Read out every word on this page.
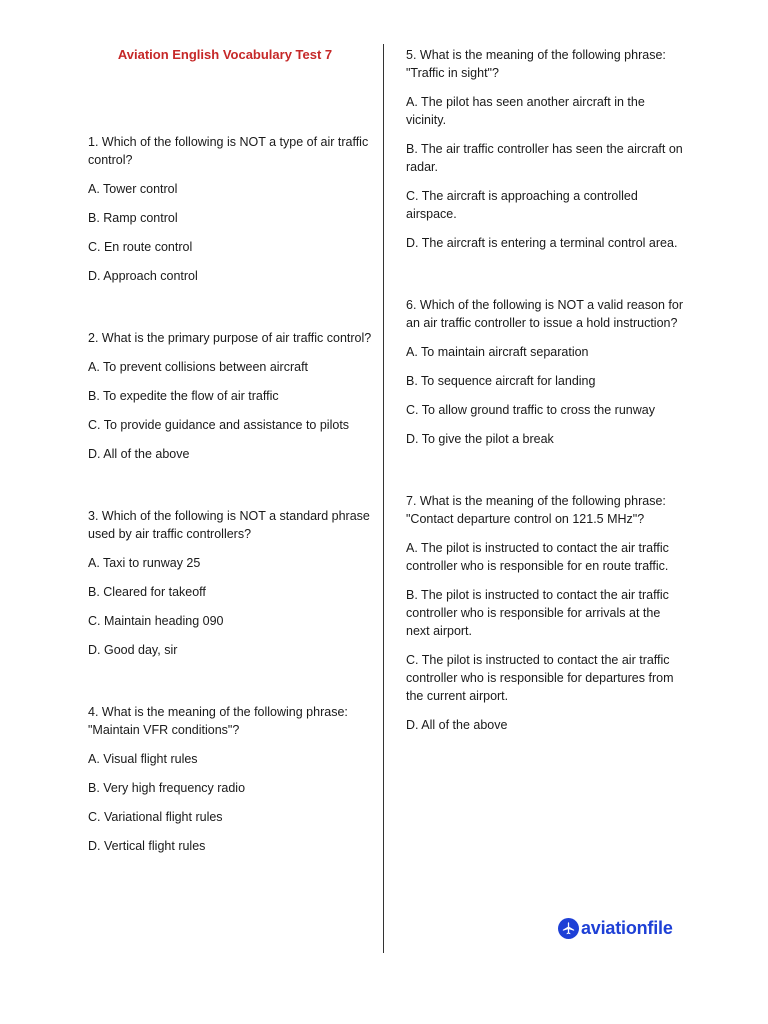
Aviation English Vocabulary Test 7

1. Which of the following is NOT a type of air traffic control?

A. Tower control

B. Ramp control

C. En route control

D. Approach control

2. What is the primary purpose of air traffic control?

A. To prevent collisions between aircraft

B. To expedite the flow of air traffic

C. To provide guidance and assistance to pilots

D. All of the above

3. Which of the following is NOT a standard phrase used by air traffic controllers?

A. Taxi to runway 25

B. Cleared for takeoff

C. Maintain heading 090

D. Good day, sir

4. What is the meaning of the following phrase: "Maintain VFR conditions"?

A. Visual flight rules

B. Very high frequency radio

C. Variational flight rules

D. Vertical flight rules

5. What is the meaning of the following phrase: "Traffic in sight"?

A. The pilot has seen another aircraft in the vicinity.

B. The air traffic controller has seen the aircraft on radar.

C. The aircraft is approaching a controlled airspace.

D. The aircraft is entering a terminal control area.

6. Which of the following is NOT a valid reason for an air traffic controller to issue a hold instruction?

A. To maintain aircraft separation

B. To sequence aircraft for landing

C. To allow ground traffic to cross the runway

D. To give the pilot a break

7. What is the meaning of the following phrase: "Contact departure control on 121.5 MHz"?

A. The pilot is instructed to contact the air traffic controller who is responsible for en route traffic.

B. The pilot is instructed to contact the air traffic controller who is responsible for arrivals at the next airport.

C. The pilot is instructed to contact the air traffic controller who is responsible for departures from the current airport.

D. All of the above

aviationfile
